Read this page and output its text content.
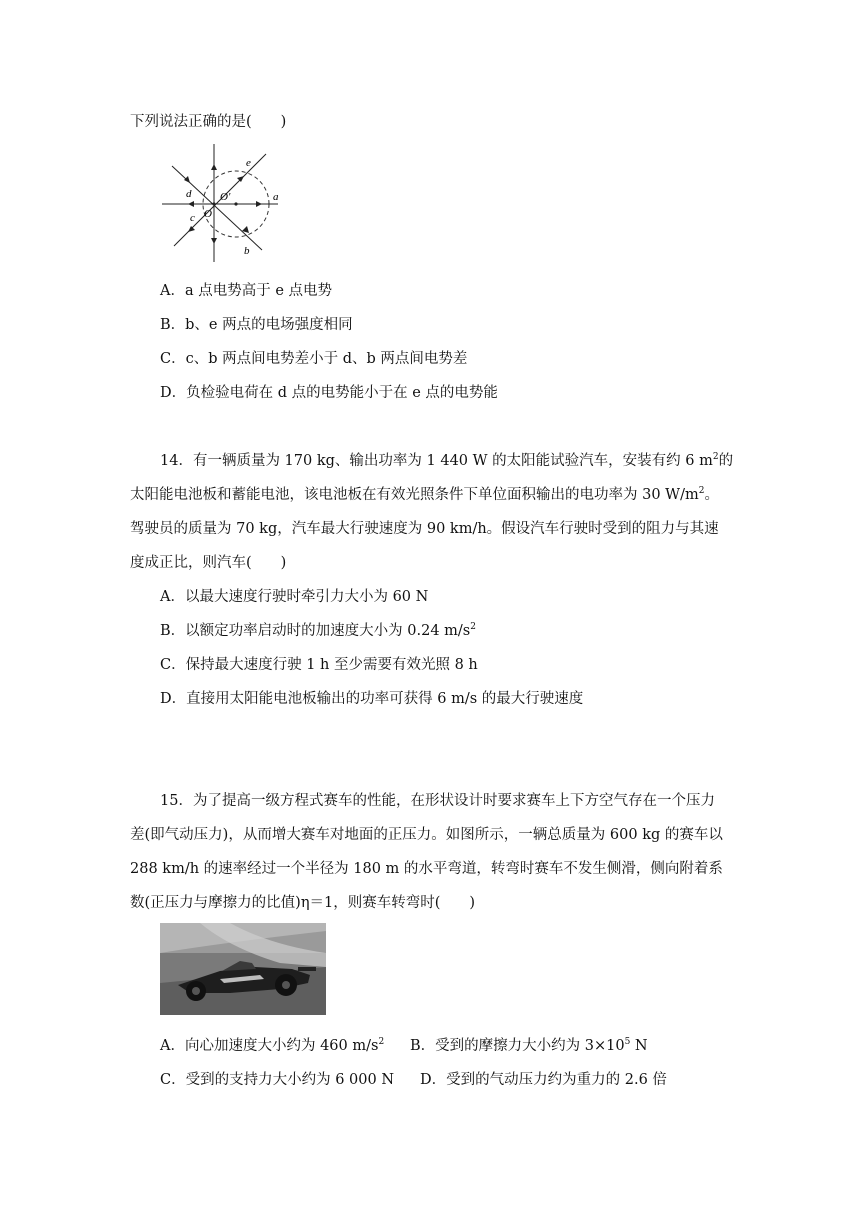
下列说法正确的是(　　)
e
d	a
O'
c O
b
A．a 点电势高于 e 点电势
B．b、e 两点的电场强度相同
C．c、b 两点间电势差小于 d、b 两点间电势差
D．负检验电荷在 d 点的电势能小于在 e 点的电势能
14．有一辆质量为 170 kg、输出功率为 1 440 W 的太阳能试验汽车，安装有约 6 $m^2$的
太阳能电池板和蓄能电池，该电池板在有效光照条件下单位面积输出的电功率为 30 $W/m^2$。
驾驶员的质量为 70 kg，汽车最大行驶速度为 90 km/h。假设汽车行驶时受到的阻力与其速
度成正比，则汽车(　　)
A．以最大速度行驶时牵引力大小为 60 N
B．以额定功率启动时的加速度大小为 0.24 $m/s^2$
C．保持最大速度行驶 1 h 至少需要有效光照 8 h
D．直接用太阳能电池板输出的功率可获得 6 m/s 的最大行驶速度
15．为了提高一级方程式赛车的性能，在形状设计时要求赛车上下方空气存在一个压力
差(即气动压力)，从而增大赛车对地面的正压力。如图所示，一辆总质量为 600 kg 的赛车以
288 km/h 的速率经过一个半径为 180 m 的水平弯道，转弯时赛车不发生侧滑，侧向附着系
数(正压力与摩擦力的比值)η＝1，则赛车转弯时(　　)
A．向心加速度大小约为 460 $m/s^2$ B．受到的摩擦力大小约为 $3\times 10^5$ N
C．受到的支持力大小约为 6 000 N D．受到的气动压力约为重力的 2.6 倍
